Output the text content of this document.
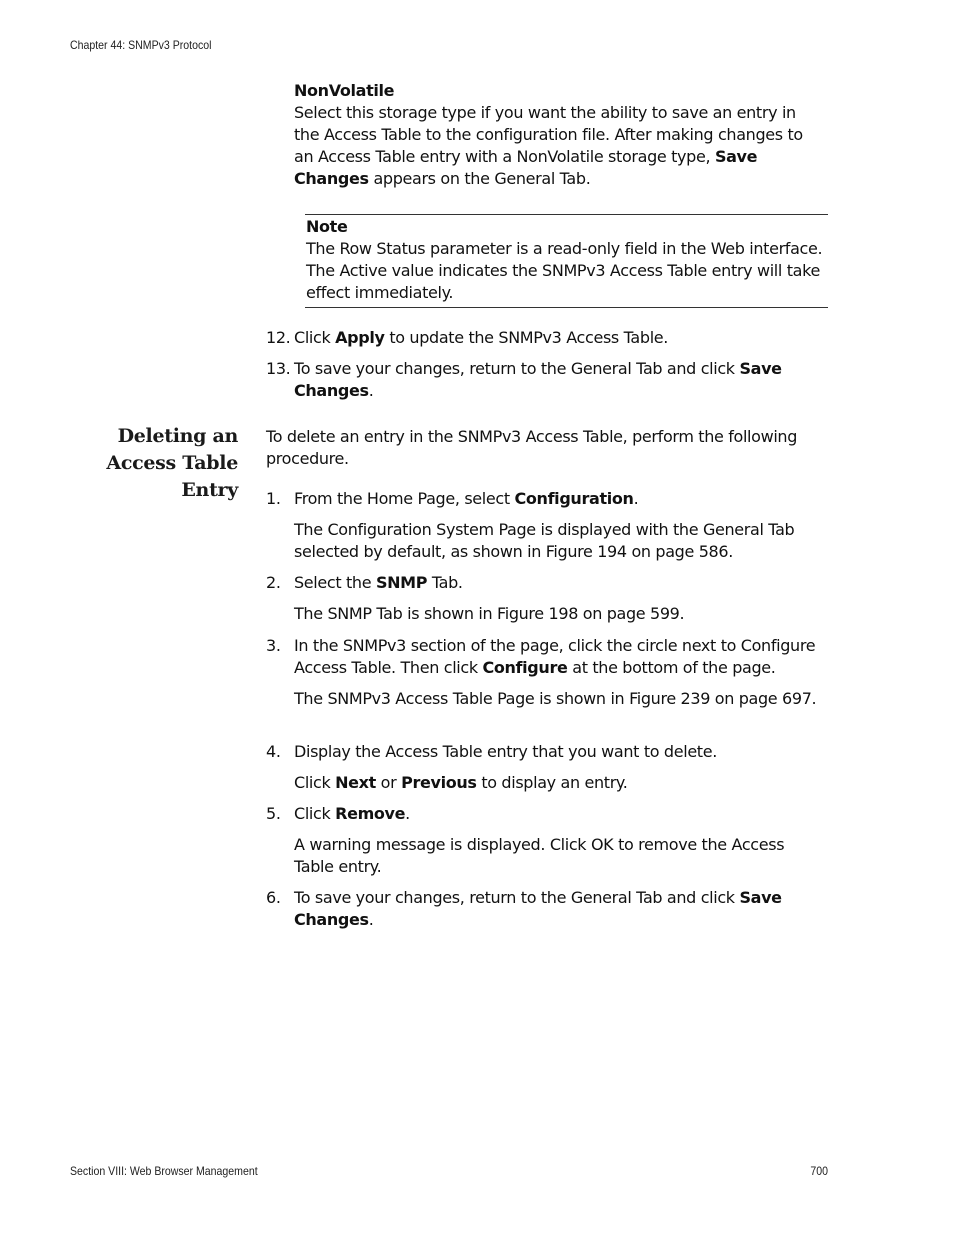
Chapter 44: SNMPv3 Protocol
NonVolatile
Select this storage type if you want the ability to save an entry in the Access Table to the configuration file. After making changes to an Access Table entry with a NonVolatile storage type, Save Changes appears on the General Tab.
Note
The Row Status parameter is a read-only field in the Web interface. The Active value indicates the SNMPv3 Access Table entry will take effect immediately.
12. Click Apply to update the SNMPv3 Access Table.
13. To save your changes, return to the General Tab and click Save Changes.
Deleting an
Access Table
Entry
To delete an entry in the SNMPv3 Access Table, perform the following procedure.
1. From the Home Page, select Configuration.
The Configuration System Page is displayed with the General Tab selected by default, as shown in Figure 194 on page 586.
2. Select the SNMP Tab.
The SNMP Tab is shown in Figure 198 on page 599.
3. In the SNMPv3 section of the page, click the circle next to Configure Access Table. Then click Configure at the bottom of the page.
The SNMPv3 Access Table Page is shown in Figure 239 on page 697.
4. Display the Access Table entry that you want to delete.
Click Next or Previous to display an entry.
5. Click Remove.
A warning message is displayed. Click OK to remove the Access Table entry.
6. To save your changes, return to the General Tab and click Save Changes.
Section VIII: Web Browser Management	700
